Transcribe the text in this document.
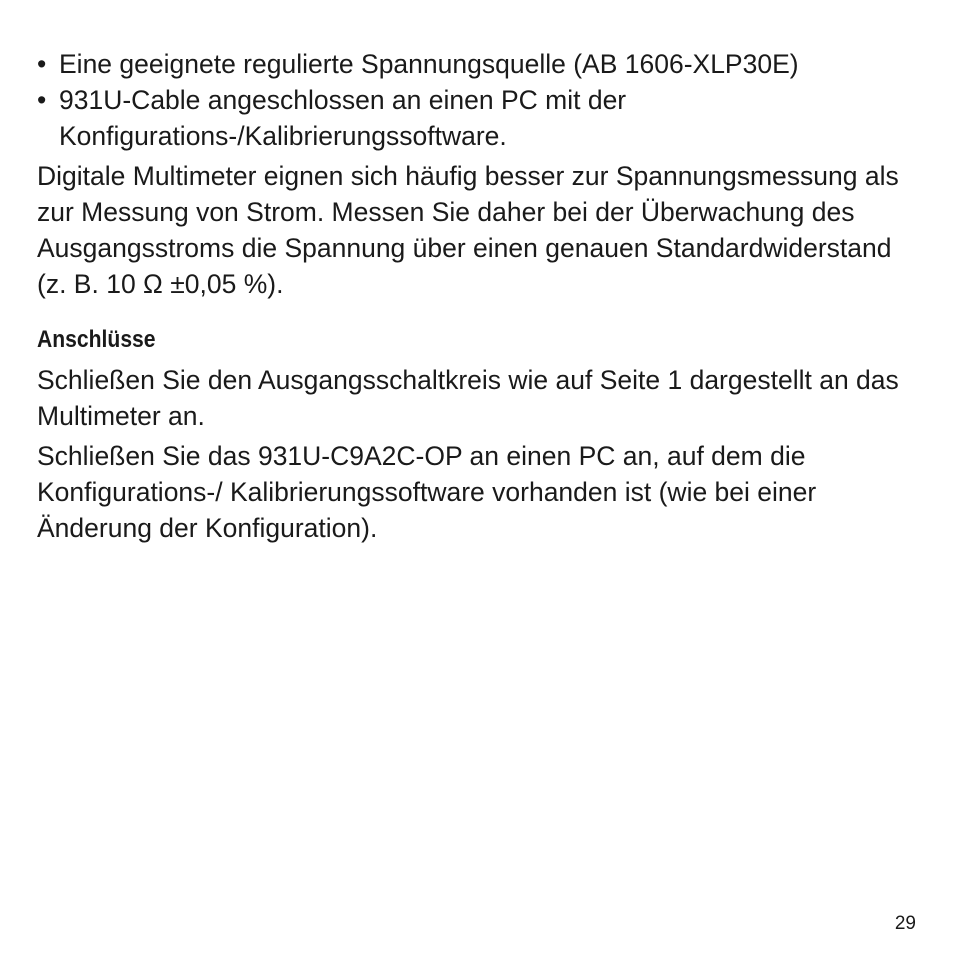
• Eine geeignete regulierte Spannungsquelle (AB 1606-XLP30E)
• 931U-Cable angeschlossen an einen PC mit der Konfigurations-/Kalibrierungssoftware.

Digitale Multimeter eignen sich häufig besser zur Spannungsmessung als zur Messung von Strom. Messen Sie daher bei der Überwachung des Ausgangsstroms die Spannung über einen genauen Standardwiderstand (z. B. 10 Ω ±0,05 %).

Anschlüsse

Schließen Sie den Ausgangsschaltkreis wie auf Seite 1 dargestellt an das Multimeter an.

Schließen Sie das 931U-C9A2C-OP an einen PC an, auf dem die Konfigurations-/ Kalibrierungssoftware vorhanden ist (wie bei einer Änderung der Konfiguration).

29
